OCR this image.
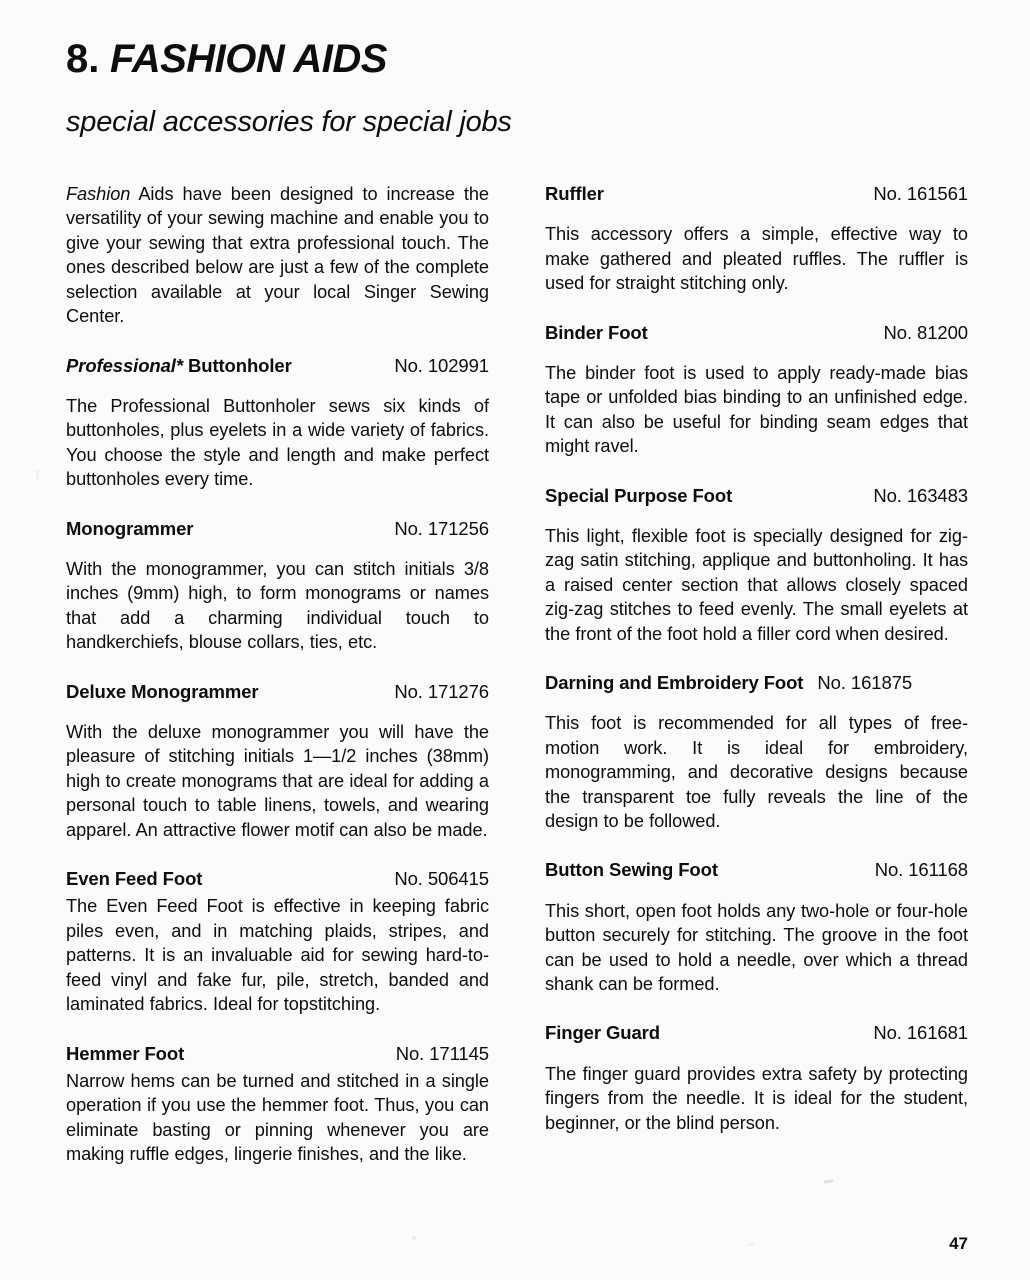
8. FASHION AIDS
special accessories for special jobs

Fashion Aids have been designed to increase the versatility of your sewing machine and enable you to give your sewing that extra professional touch. The ones described below are just a few of the complete selection available at your local Singer Sewing Center.

Professional* Buttonholer	No. 102991

The Professional Buttonholer sews six kinds of buttonholes, plus eyelets in a wide variety of fabrics. You choose the style and length and make perfect buttonholes every time.

Monogrammer	No. 171256

With the monogrammer, you can stitch initials 3/8 inches (9mm) high, to form monograms or names that add a charming individual touch to handkerchiefs, blouse collars, ties, etc.

Deluxe Monogrammer	No. 171276

With the deluxe monogrammer you will have the pleasure of stitching initials 1—1/2 inches (38mm) high to create monograms that are ideal for adding a personal touch to table linens, towels, and wearing apparel. An attractive flower motif can also be made.

Even Feed Foot	No. 506415

The Even Feed Foot is effective in keeping fabric piles even, and in matching plaids, stripes, and patterns. It is an invaluable aid for sewing hard-to-feed vinyl and fake fur, pile, stretch, banded and laminated fabrics. Ideal for topstitching.

Hemmer Foot	No. 171145

Narrow hems can be turned and stitched in a single operation if you use the hemmer foot. Thus, you can eliminate basting or pinning whenever you are making ruffle edges, lingerie finishes, and the like.

Ruffler	No. 161561

This accessory offers a simple, effective way to make gathered and pleated ruffles. The ruffler is used for straight stitching only.

Binder Foot	No. 81200

The binder foot is used to apply ready-made bias tape or unfolded bias binding to an unfinished edge. It can also be useful for binding seam edges that might ravel.

Special Purpose Foot	No. 163483

This light, flexible foot is specially designed for zig-zag satin stitching, applique and buttonholing. It has a raised center section that allows closely spaced zig-zag stitches to feed evenly. The small eyelets at the front of the foot hold a filler cord when desired.

Darning and Embroidery Foot No. 161875

This foot is recommended for all types of free-motion work. It is ideal for embroidery, monogramming, and decorative designs because the transparent toe fully reveals the line of the design to be followed.

Button Sewing Foot	No. 161168

This short, open foot holds any two-hole or four-hole button securely for stitching. The groove in the foot can be used to hold a needle, over which a thread shank can be formed.

Finger Guard	No. 161681

The finger guard provides extra safety by protecting fingers from the needle. It is ideal for the student, beginner, or the blind person.

47
